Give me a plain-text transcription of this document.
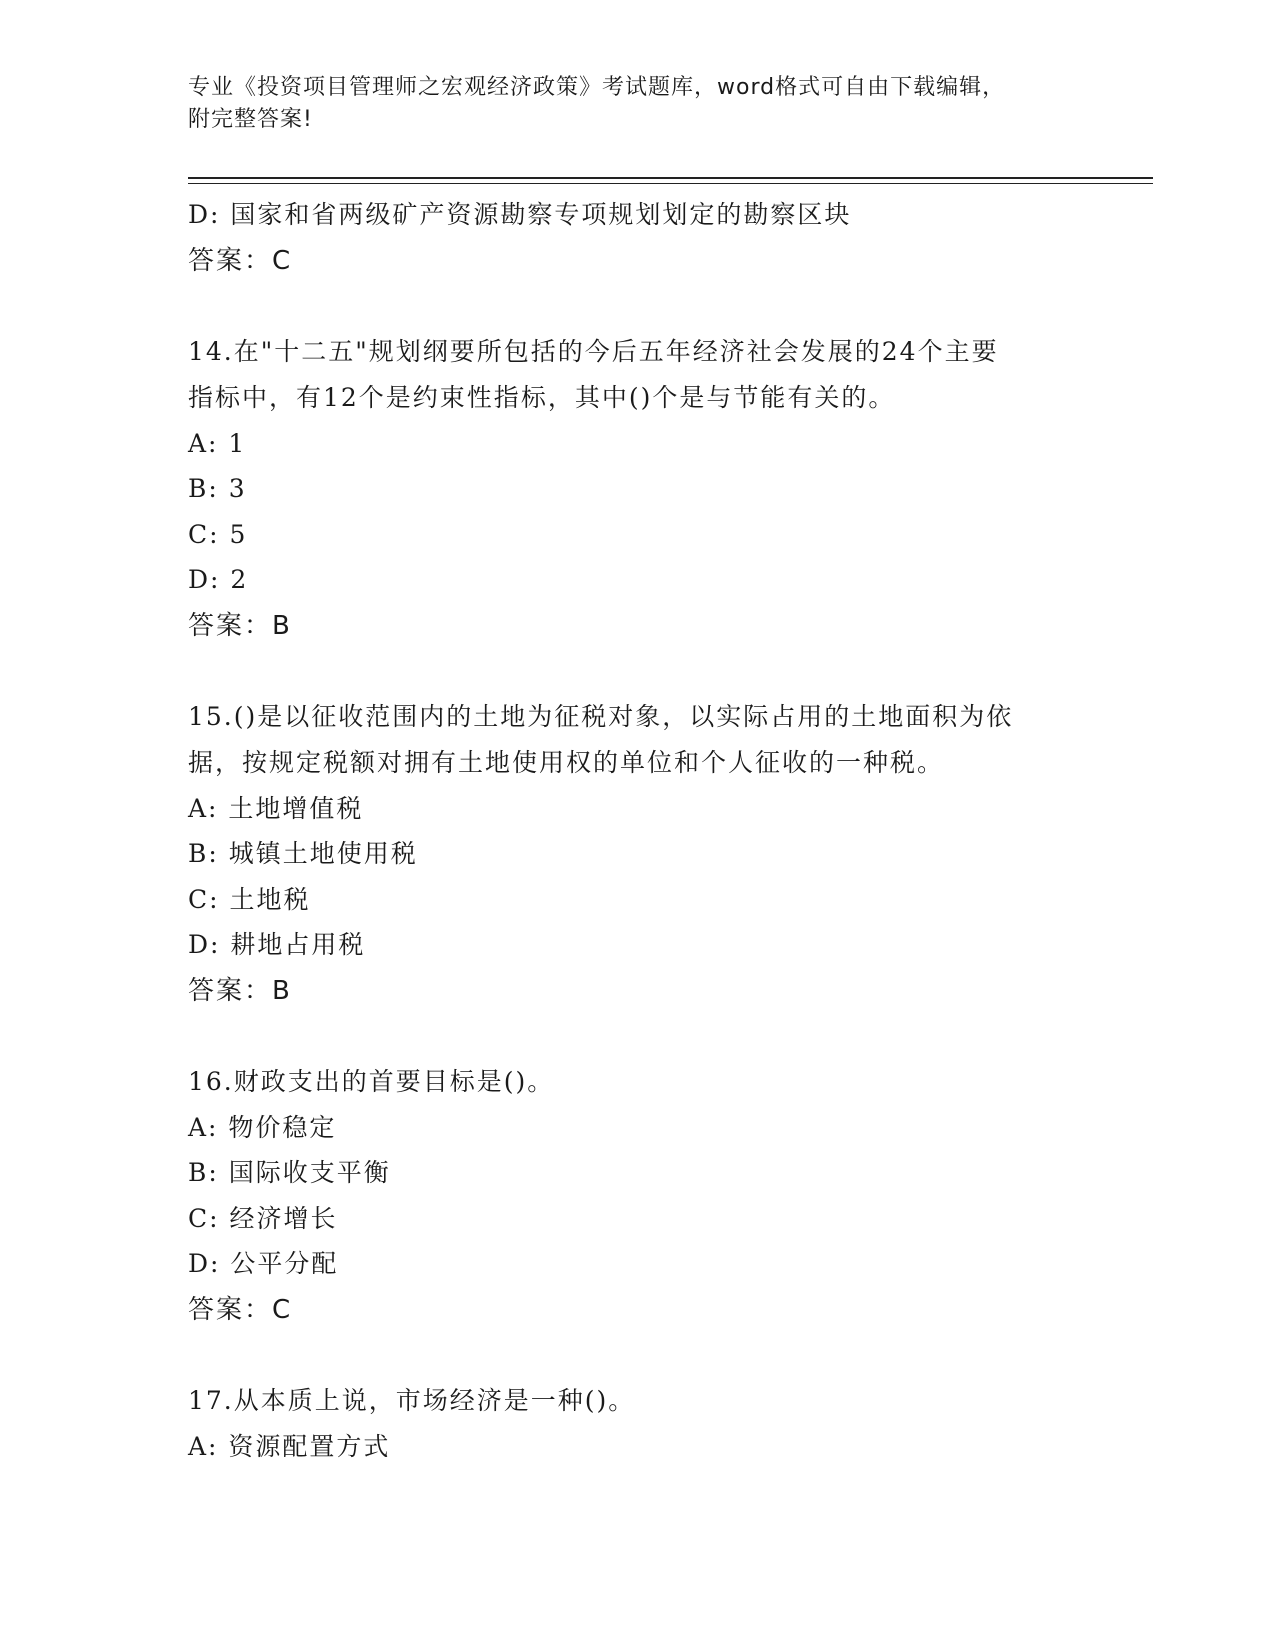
专业《投资项目管理师之宏观经济政策》考试题库，word格式可自由下载编辑，
附完整答案!
D: 国家和省两级矿产资源勘察专项规划划定的勘察区块
答案：C
14.在"十二五"规划纲要所包括的今后五年经济社会发展的24个主要
指标中，有12个是约束性指标，其中()个是与节能有关的。
A: 1
B: 3
C: 5
D: 2
答案：B
15.()是以征收范围内的土地为征税对象，以实际占用的土地面积为依
据，按规定税额对拥有土地使用权的单位和个人征收的一种税。
A: 土地增值税
B: 城镇土地使用税
C: 土地税
D: 耕地占用税
答案：B
16.财政支出的首要目标是()。
A: 物价稳定
B: 国际收支平衡
C: 经济增长
D: 公平分配
答案：C
17.从本质上说，市场经济是一种()。
A: 资源配置方式
